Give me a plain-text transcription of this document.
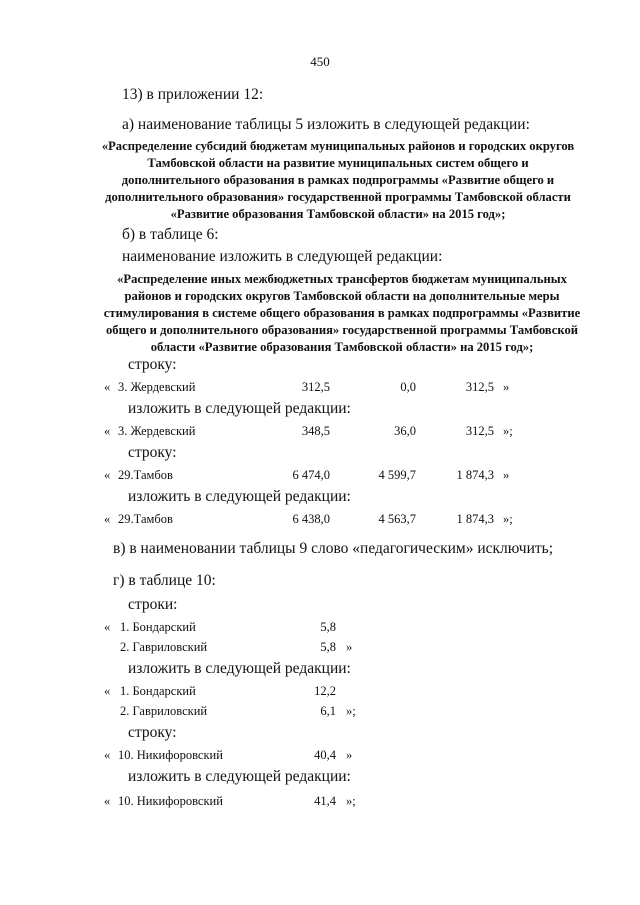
450
13) в приложении 12:
а) наименование таблицы 5 изложить в следующей редакции:
«Распределение субсидий бюджетам муниципальных районов и городских округов
Тамбовской области на развитие муниципальных систем общего и
дополнительного образования в рамках подпрограммы «Развитие общего и
дополнительного образования» государственной программы Тамбовской области
«Развитие образования Тамбовской области» на 2015 год»;
б) в таблице 6:
наименование изложить в следующей редакции:
«Распределение иных межбюджетных трансфертов бюджетам муниципальных
районов и городских округов Тамбовской области на дополнительные меры
стимулирования в системе общего образования в рамках подпрограммы «Развитие
общего и дополнительного образования» государственной программы Тамбовской
области «Развитие образования Тамбовской области» на 2015 год»;
строку:
« 3. Жердевский	312,5	0,0	312,5 »
изложить в следующей редакции:
« 3. Жердевский	348,5	36,0	312,5 »;
строку:
« 29.Тамбов	6 474,0	4 599,7	1 874,3 »
изложить в следующей редакции:
« 29.Тамбов	6 438,0	4 563,7	1 874,3 »;
в) в наименовании таблицы 9 слово «педагогическим» исключить;
г) в таблице 10:
строки:
« 1. Бондарский	5,8
2. Гавриловский	5,8 »
изложить в следующей редакции:
« 1. Бондарский	12,2
2. Гавриловский	6,1 »;
строку:
« 10. Никифоровский	40,4 »
изложить в следующей редакции:
« 10. Никифоровский	41,4 »;
